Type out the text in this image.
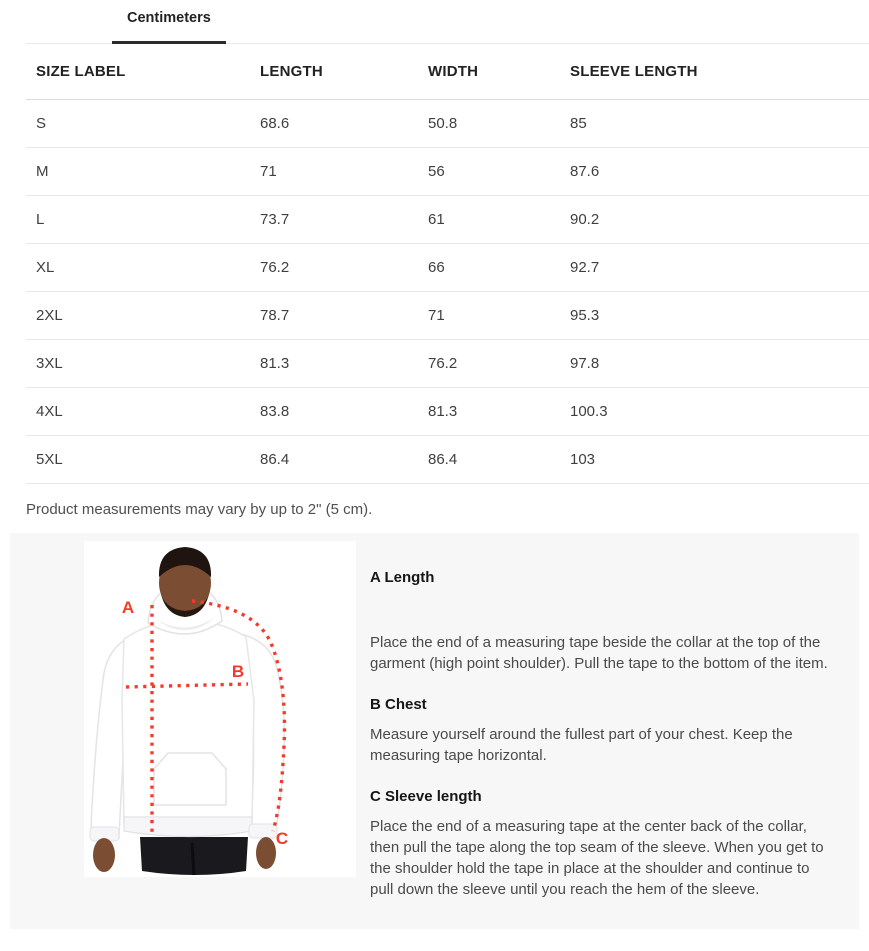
Centimeters
SIZE LABEL	LENGTH	WIDTH	SLEEVE LENGTH
S	68.6	50.8	85
M	71	56	87.6
L	73.7	61	90.2
XL	76.2	66	92.7
2XL	78.7	71	95.3
3XL	81.3	76.2	97.8
4XL	83.8	81.3	100.3
5XL	86.4	86.4	103
Product measurements may vary by up to 2" (5 cm).
A
B
C
A Length

Place the end of a measuring tape beside the collar at the top of the garment (high point shoulder). Pull the tape to the bottom of the item.

B Chest

Measure yourself around the fullest part of your chest. Keep the measuring tape horizontal.

C Sleeve length

Place the end of a measuring tape at the center back of the collar, then pull the tape along the top seam of the sleeve. When you get to the shoulder hold the tape in place at the shoulder and continue to pull down the sleeve until you reach the hem of the sleeve.
